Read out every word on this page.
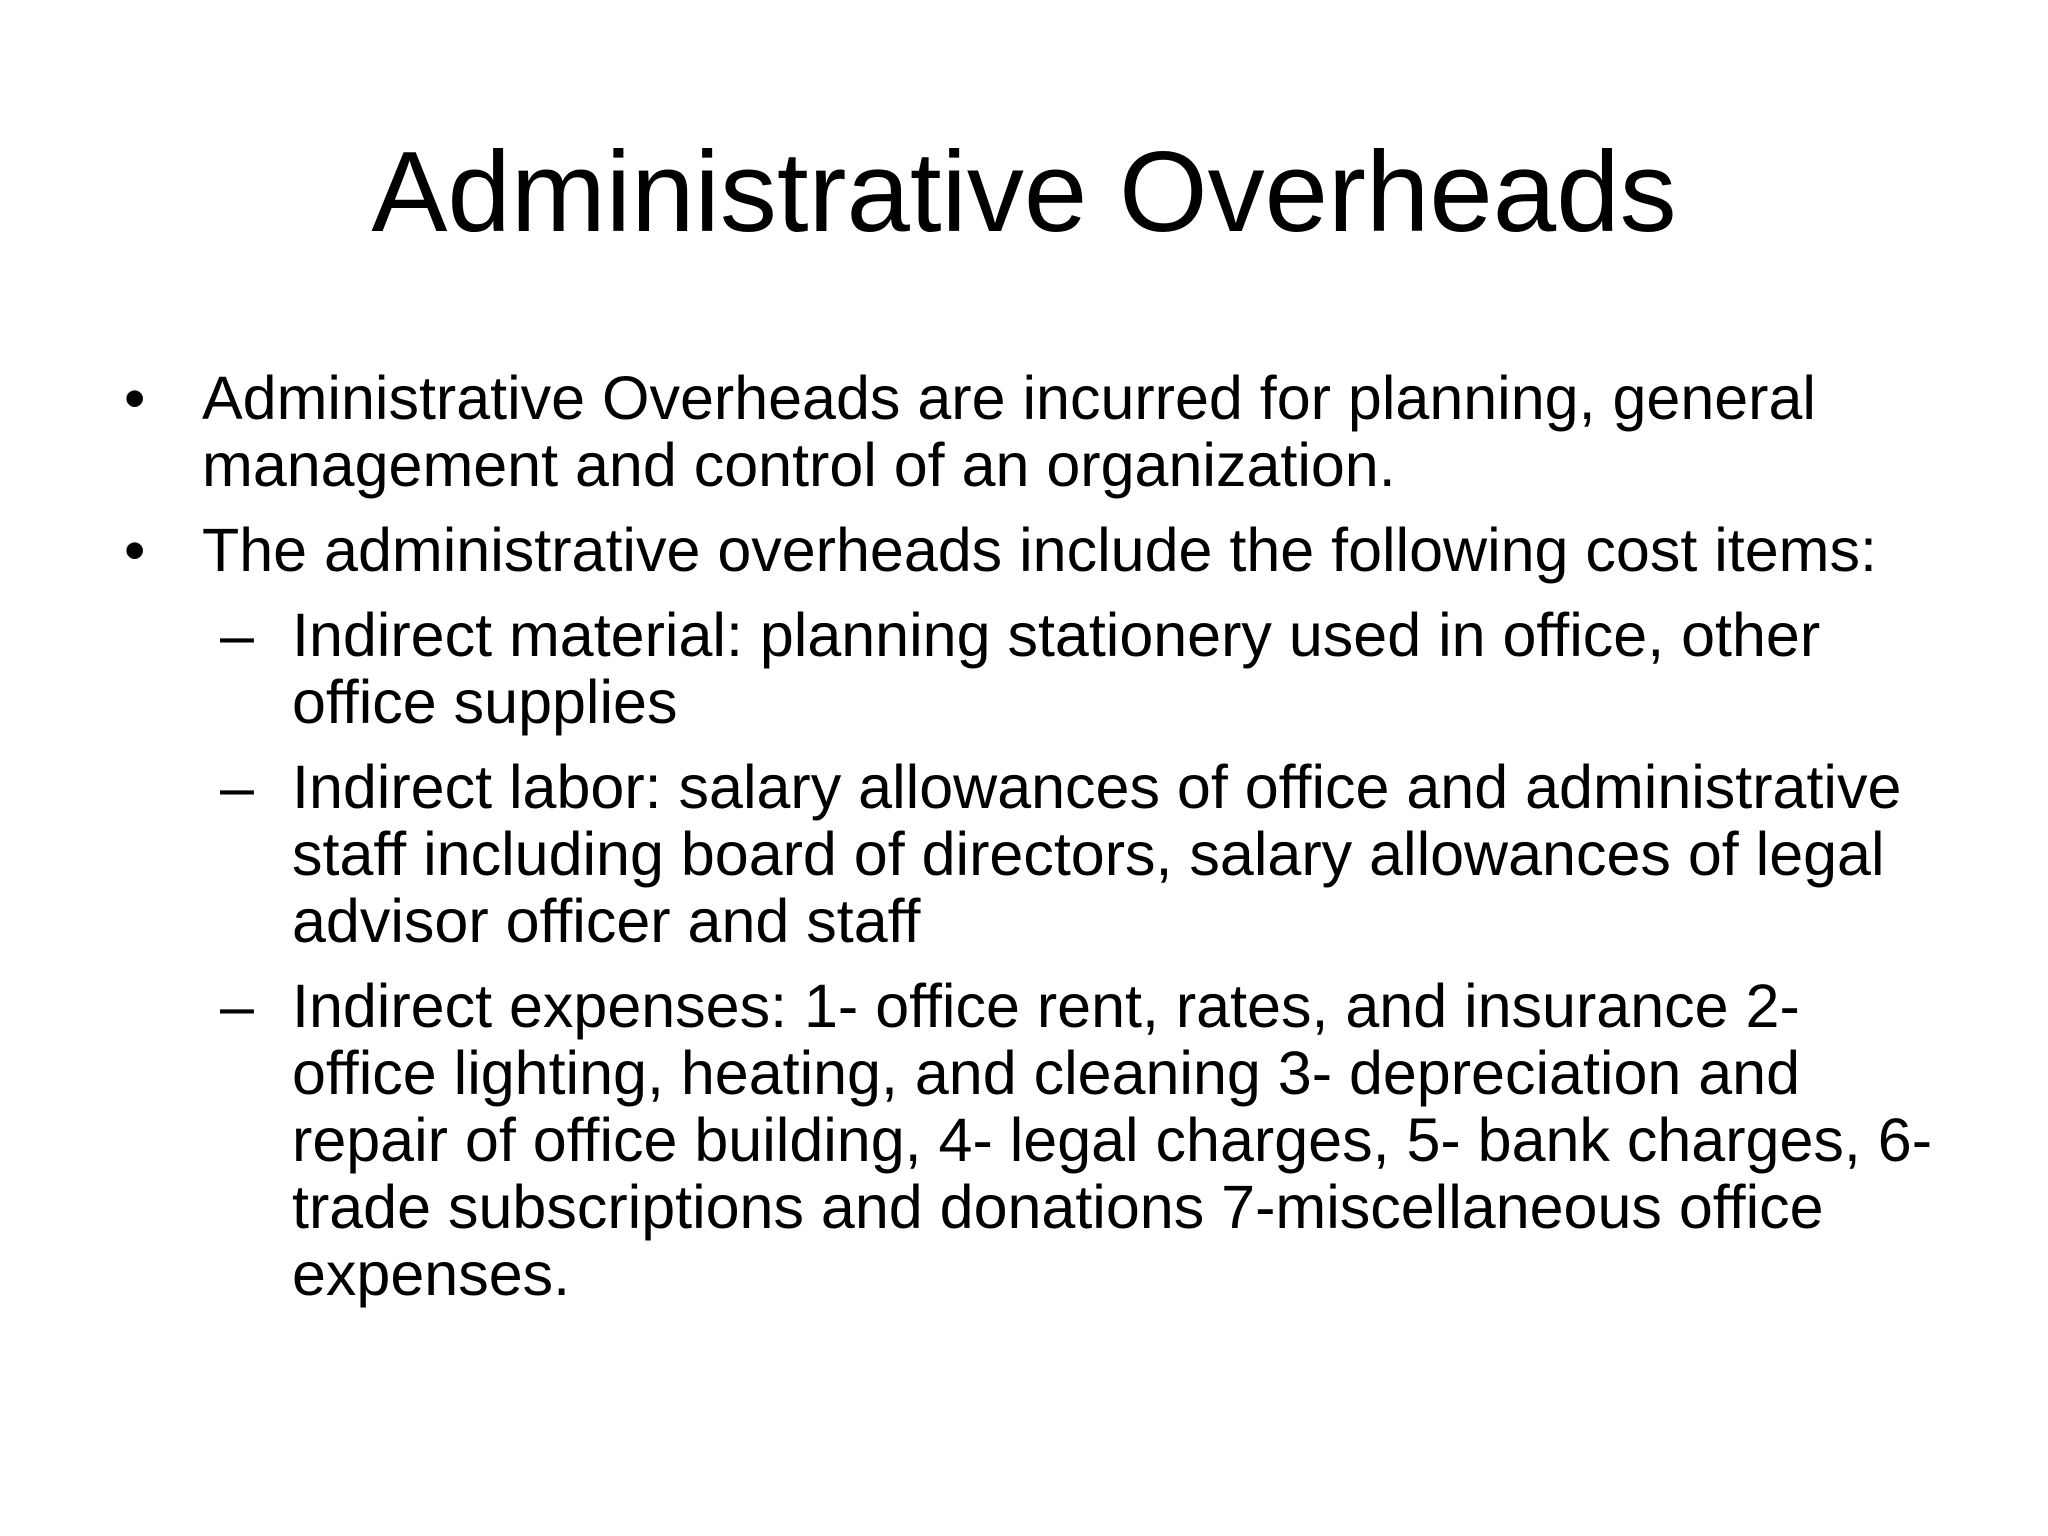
Administrative Overheads
• Administrative Overheads are incurred for planning, general management and control of an organization.
• The administrative overheads include the following cost items:
– Indirect material: planning stationery used in office, other office supplies
– Indirect labor: salary allowances of office and administrative staff including board of directors, salary allowances of legal advisor officer and staff
– Indirect expenses: 1- office rent, rates, and insurance 2-office lighting, heating, and cleaning 3- depreciation and repair of office building, 4- legal charges, 5- bank charges, 6- trade subscriptions and donations 7-miscellaneous office expenses.
